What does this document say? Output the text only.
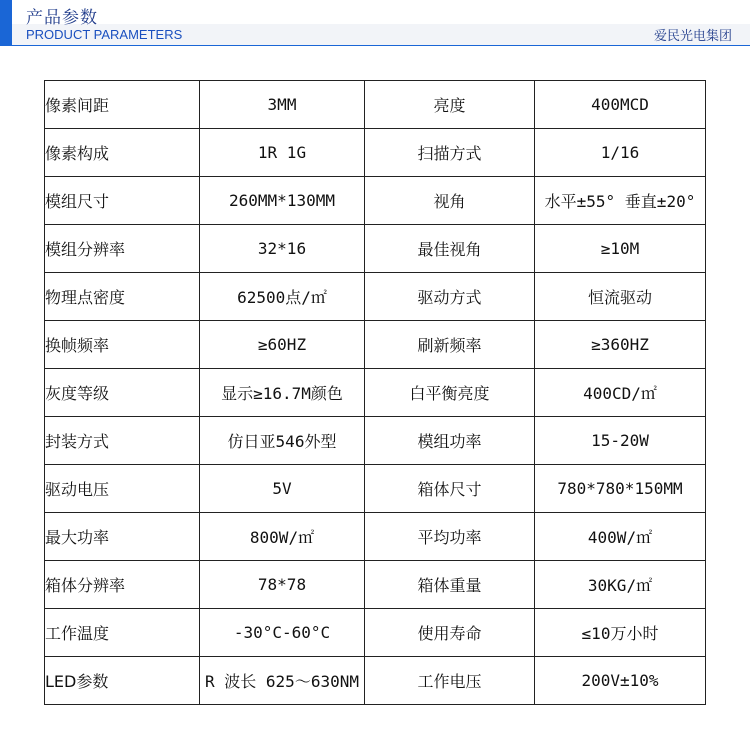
产品参数
PRODUCT PARAMETERS	爱民光电集团
像素间距	3MM	亮度	400MCD
像素构成	1R 1G	扫描方式	1/16
模组尺寸	260MM*130MM	视角	水平±55° 垂直±20°
模组分辨率	32*16	最佳视角	≥10M
物理点密度	62500点/㎡	驱动方式	恒流驱动
换帧频率	≥60HZ	刷新频率	≥360HZ
灰度等级	显示≥16.7M颜色	白平衡亮度	400CD/㎡
封装方式	仿日亚546外型	模组功率	15-20W
驱动电压	5V	箱体尺寸	780*780*150MM
最大功率	800W/㎡	平均功率	400W/㎡
箱体分辨率	78*78	箱体重量	30KG/㎡
工作温度	-30°C-60°C	使用寿命	≤10万小时
LED参数	R 波长 625～630NM	工作电压	200V±10%
